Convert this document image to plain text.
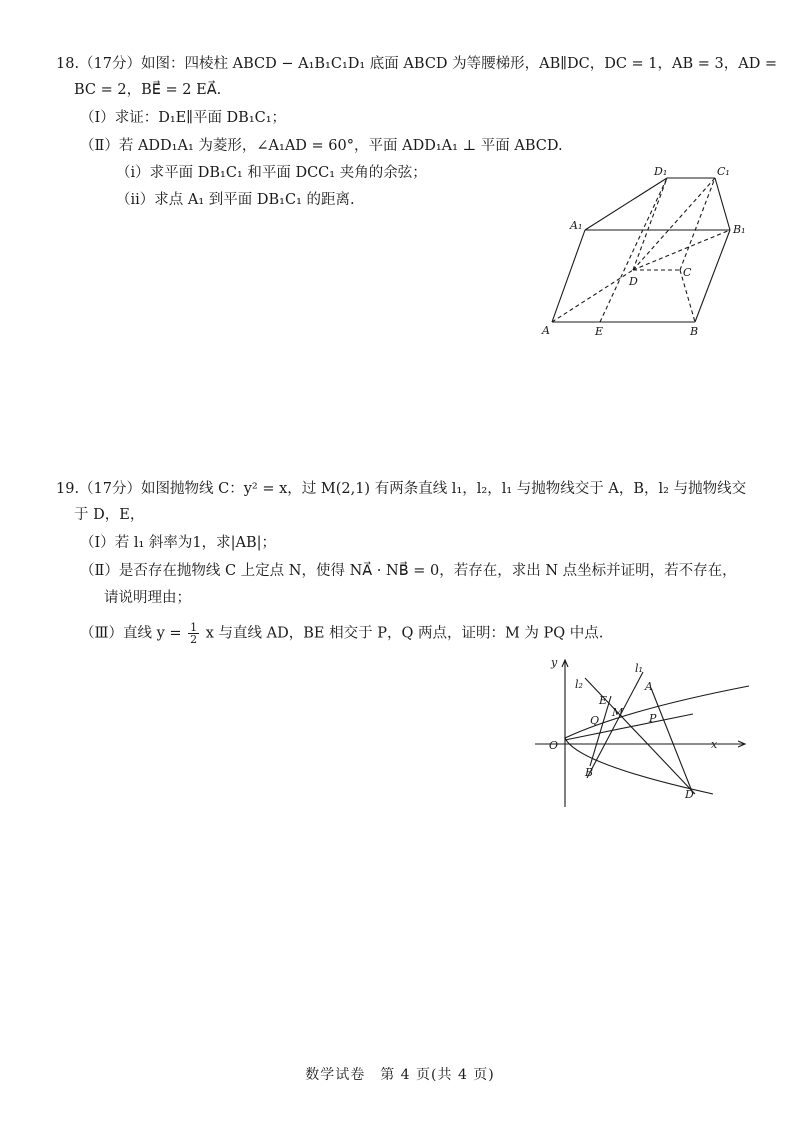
18.（17分）如图：四棱柱 ABCD − A₁B₁C₁D₁ 底面 ABCD 为等腰梯形，AB∥DC，DC = 1，AB = 3，AD =
BC = 2，BE⃗ = 2 EA⃗.
（Ⅰ）求证：D₁E∥平面 DB₁C₁；
（Ⅱ）若 ADD₁A₁ 为菱形，∠A₁AD = 60°，平面 ADD₁A₁ ⊥ 平面 ABCD.
（ⅰ）求平面 DB₁C₁ 和平面 DCC₁ 夹角的余弦；
（ⅱ）求点 A₁ 到平面 DB₁C₁ 的距离.
D₁	C₁
A₁	B₁
D
C
A	E	B
19.（17分）如图抛物线 C：y² = x，过 M(2,1) 有两条直线 l₁，l₂，l₁ 与抛物线交于 A，B，l₂ 与抛物线交
于 D，E，
（Ⅰ）若 l₁ 斜率为1，求|AB|；
（Ⅱ）是否存在抛物线 C 上定点 N，使得 NA⃗ · NB⃗ = 0，若存在，求出 N 点坐标并证明，若不存在，
请说明理由；
（Ⅲ）直线 $y = \frac{1}{2}$ x 与直线 AD，BE 相交于 P，Q 两点，证明：M 为 PQ 中点.
y
x
O
l₁
l₂	A
E
M
Q	P
B
D
数学试卷　第 4 页(共 4 页)
